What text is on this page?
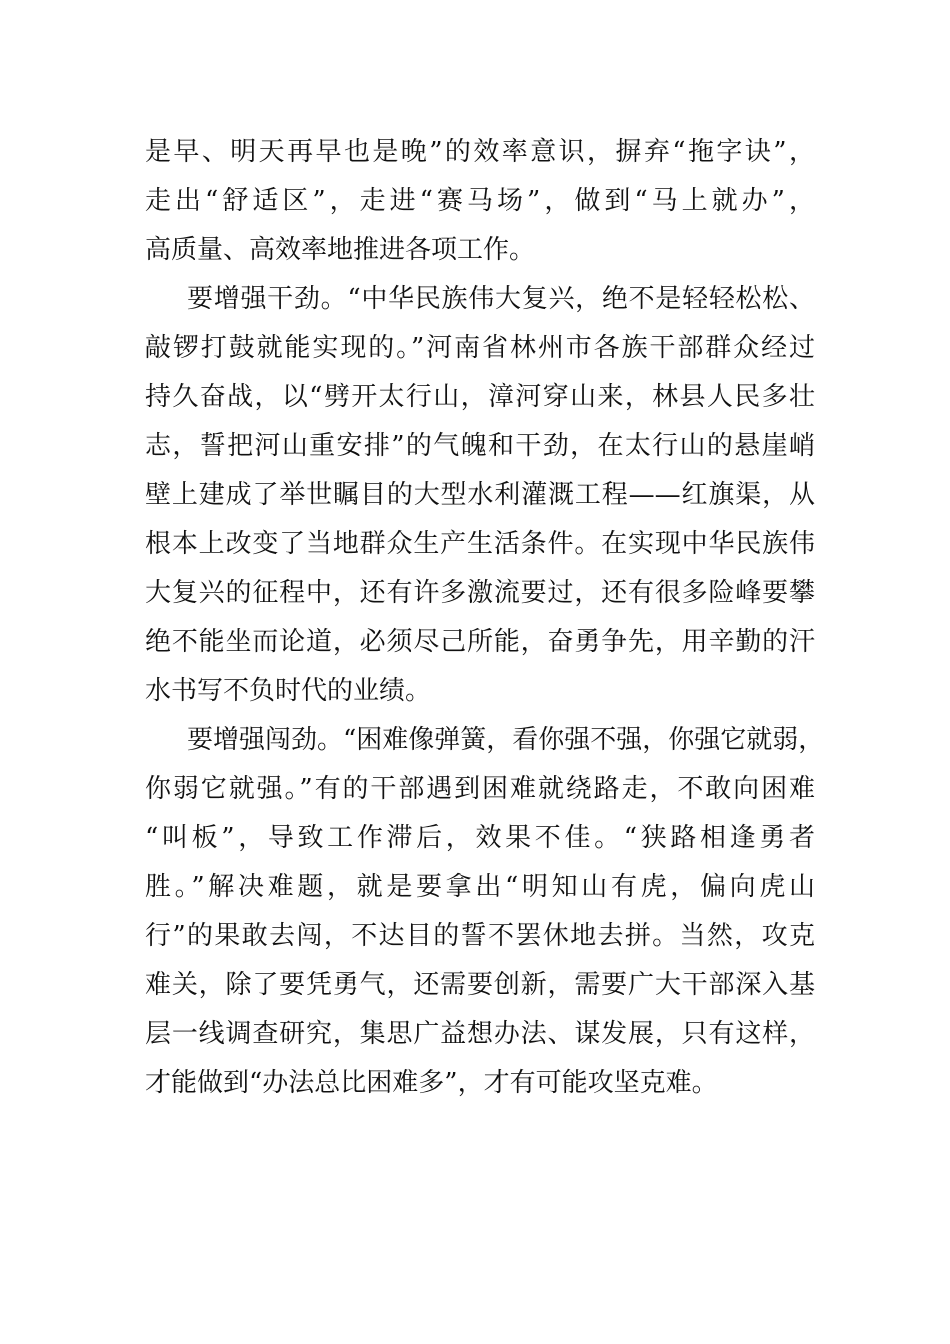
是早、明天再早也是晚”的效率意识，摒弃“拖字诀”，
走出“舒适区”，走进“赛马场”，做到“马上就办”，
高质量、高效率地推进各项工作。
要增强干劲。“中华民族伟大复兴，绝不是轻轻松松、
敲锣打鼓就能实现的。”河南省林州市各族干部群众经过
持久奋战，以“劈开太行山，漳河穿山来，林县人民多壮
志，誓把河山重安排”的气魄和干劲，在太行山的悬崖峭
壁上建成了举世瞩目的大型水利灌溉工程——红旗渠，从
根本上改变了当地群众生产生活条件。在实现中华民族伟
大复兴的征程中，还有许多激流要过，还有很多险峰要攀
绝不能坐而论道，必须尽己所能，奋勇争先，用辛勤的汗
水书写不负时代的业绩。
要增强闯劲。“困难像弹簧，看你强不强，你强它就弱，
你弱它就强。”有的干部遇到困难就绕路走，不敢向困难
“叫板”，导致工作滞后，效果不佳。“狭路相逢勇者
胜。”解决难题，就是要拿出“明知山有虎，偏向虎山
行”的果敢去闯，不达目的誓不罢休地去拼。当然，攻克
难关，除了要凭勇气，还需要创新，需要广大干部深入基
层一线调查研究，集思广益想办法、谋发展，只有这样，
才能做到“办法总比困难多”，才有可能攻坚克难。
